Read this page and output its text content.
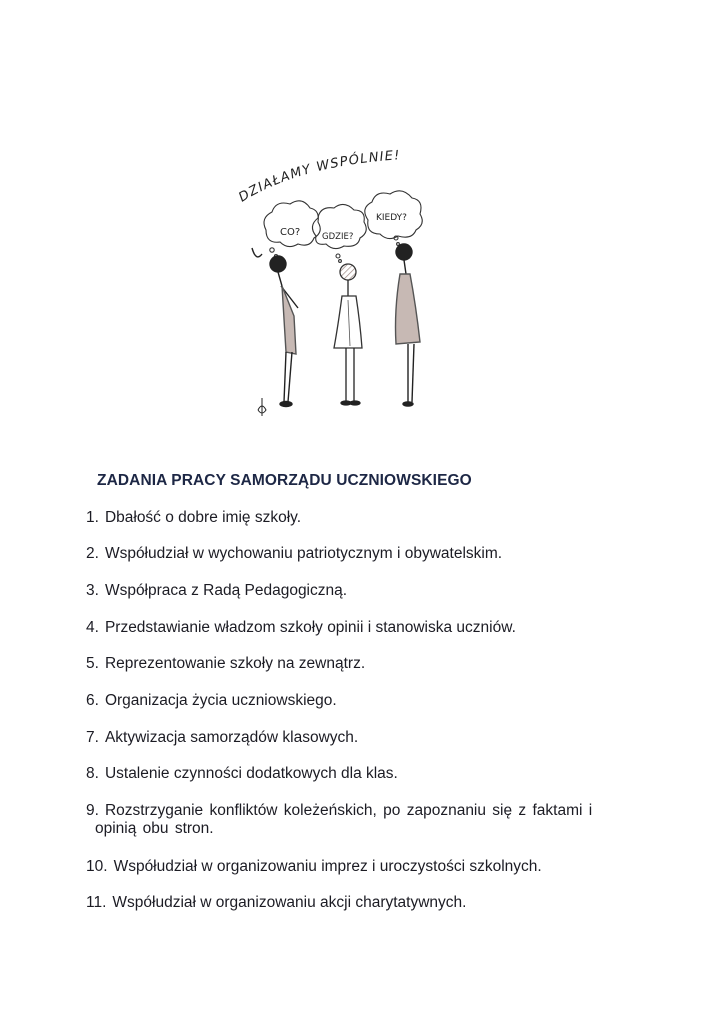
DZIAŁAMY WSPÓLNIE!
CO?	GDZIE?
KIEDY?
ZADANIA PRACY SAMORZĄDU UCZNIOWSKIEGO
1. Dbałość o dobre imię szkoły.
2. Współudział w wychowaniu patriotycznym i obywatelskim.
3. Współpraca z Radą Pedagogiczną.
4. Przedstawianie władzom szkoły opinii i stanowiska uczniów.
5. Reprezentowanie szkoły na zewnątrz.
6. Organizacja życia uczniowskiego.
7. Aktywizacja samorządów klasowych.
8. Ustalenie czynności dodatkowych dla klas.
9. Rozstrzyganie konfliktów koleżeńskich, po zapoznaniu się z faktami i
opinią obu stron.
10. Współudział w organizowaniu imprez i uroczystości szkolnych.
11. Współudział w organizowaniu akcji charytatywnych.
